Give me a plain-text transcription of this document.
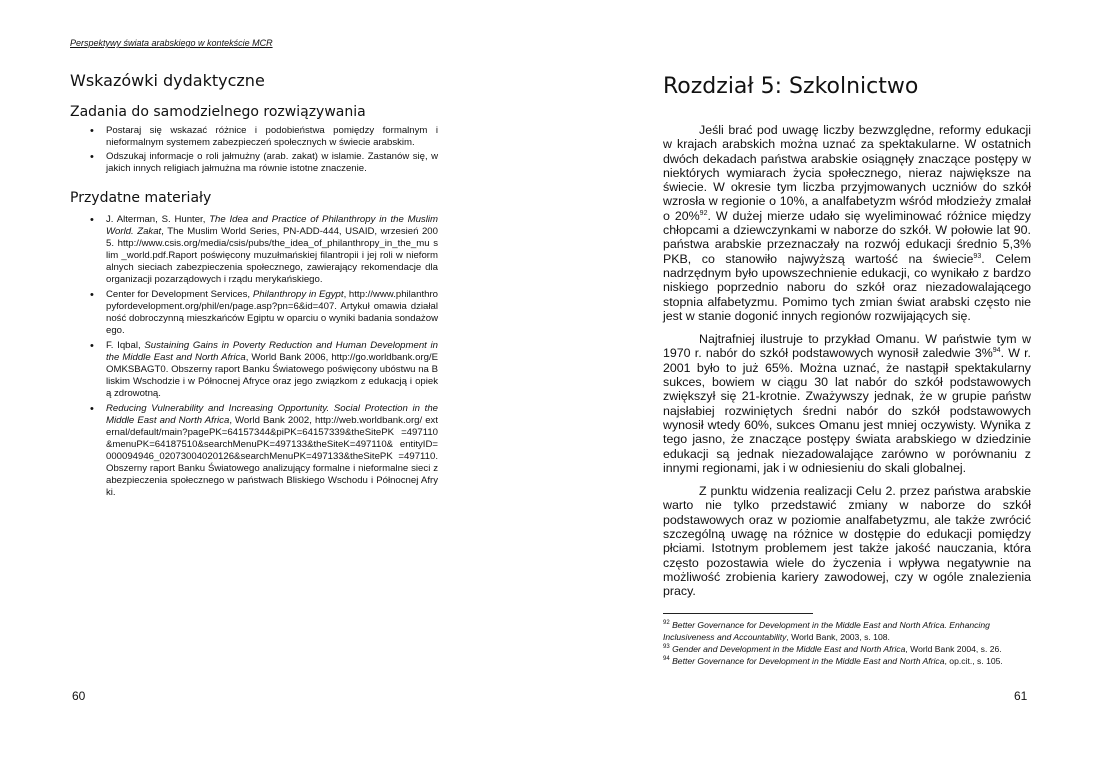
Perspektywy świata arabskiego w kontekście MCR
Wskazówki dydaktyczne
Zadania do samodzielnego rozwiązywania
• Postaraj się wskazać różnice i podobieństwa pomiędzy formalnym i nieformalnym systemem zabezpieczeń społecznych w świecie arabskim.
• Odszukaj informacje o roli jałmużny (arab. zakat) w islamie. Zastanów się, w jakich innych religiach jałmużna ma równie istotne znaczenie.
Przydatne materiały
• J. Alterman, S. Hunter, The Idea and Practice of Philanthropy in the Muslim World. Zakat, The Muslim World Series, PN-ADD-444, USAID, wrzesień 2005. http://www.csis.org/media/csis/pubs/the_idea_of_philanthropy_in_the_mu slim _world.pdf.Raport poświęcony muzułmańskiej filantropii i jej roli w nieformalnych sieciach zabezpieczenia społecznego, zawierający rekomendacje dla organizacji pozarządowych i rządu merykańskiego.
• Center for Development Services, Philanthropy in Egypt, http://www.philanthropyfordevelopment.org/phil/en/page.asp?pn=6&id=407. Artykuł omawia działalność dobroczynną mieszkańców Egiptu w oparciu o wyniki badania sondażowego.
• F. Iqbal, Sustaining Gains in Poverty Reduction and Human Development in the Middle East and North Africa, World Bank 2006, http://go.worldbank.org/EOMKSBAGT0. Obszerny raport Banku Światowego poświęcony ubóstwu na Bliskim Wschodzie i w Północnej Afryce oraz jego związkom z edukacją i opieką zdrowotną.
• Reducing Vulnerability and Increasing Opportunity. Social Protection in the Middle East and North Africa, World Bank 2002, http://web.worldbank.org/ external/default/main?pagePK=64157344&piPK=64157339&theSitePK =497110&menuPK=64187510&searchMenuPK=497133&theSiteK=497110& entityID=000094946_02073004020126&searchMenuPK=497133&theSitePK =497110. Obszerny raport Banku Światowego analizujący formalne i nieformalne sieci zabezpieczenia społecznego w państwach Bliskiego Wschodu i Północnej Afryki.
60
Rozdział 5: Szkolnictwo

Jeśli brać pod uwagę liczby bezwzględne, reformy edukacji w krajach arabskich można uznać za spektakularne. W ostatnich dwóch dekadach państwa arabskie osiągnęły znaczące postępy w niektórych wymiarach życia społecznego, nieraz największe na świecie. W okresie tym liczba przyjmowanych uczniów do szkół wzrosła w regionie o 10%, a analfabetyzm wśród młodzieży zmalał o 20%$^{92}$. W dużej mierze udało się wyeliminować różnice między chłopcami a dziewczynkami w naborze do szkół. W połowie lat 90. państwa arabskie przeznaczały na rozwój edukacji średnio 5,3% PKB, co stanowiło najwyższą wartość na świecie$^{93}$. Celem nadrzędnym było upowszechnienie edukacji, co wynikało z bardzo niskiego poprzednio naboru do szkół oraz niezadowalającego stopnia alfabetyzmu. Pomimo tych zmian świat arabski często nie jest w stanie dogonić innych regionów rozwijających się.

Najtrafniej ilustruje to przykład Omanu. W państwie tym w 1970 r. nabór do szkół podstawowych wynosił zaledwie 3%$^{94}$. W r. 2001 było to już 65%. Można uznać, że nastąpił spektakularny sukces, bowiem w ciągu 30 lat nabór do szkół podstawowych zwiększył się 21-krotnie. Zważywszy jednak, że w grupie państw najsłabiej rozwiniętych średni nabór do szkół podstawowych wynosił wtedy 60%, sukces Omanu jest mniej oczywisty. Wynika z tego jasno, że znaczące postępy świata arabskiego w dziedzinie edukacji są jednak niezadowalające zarówno w porównaniu z innymi regionami, jak i w odniesieniu do skali globalnej.

Z punktu widzenia realizacji Celu 2. przez państwa arabskie warto nie tylko przedstawić zmiany w naborze do szkół podstawowych oraz w poziomie analfabetyzmu, ale także zwrócić szczególną uwagę na różnice w dostępie do edukacji pomiędzy płciami. Istotnym problemem jest także jakość nauczania, która często pozostawia wiele do życzenia i wpływa negatywnie na możliwość zrobienia kariery zawodowej, czy w ogóle znalezienia pracy.

$^{92}$ Better Governance for Development in the Middle East and North Africa. Enhancing Inclusiveness and Accountability, World Bank, 2003, s. 108.
$^{93}$ Gender and Development in the Middle East and North Africa, World Bank 2004, s. 26.
$^{94}$ Better Governance for Development in the Middle East and North Africa, op.cit., s. 105.
61
